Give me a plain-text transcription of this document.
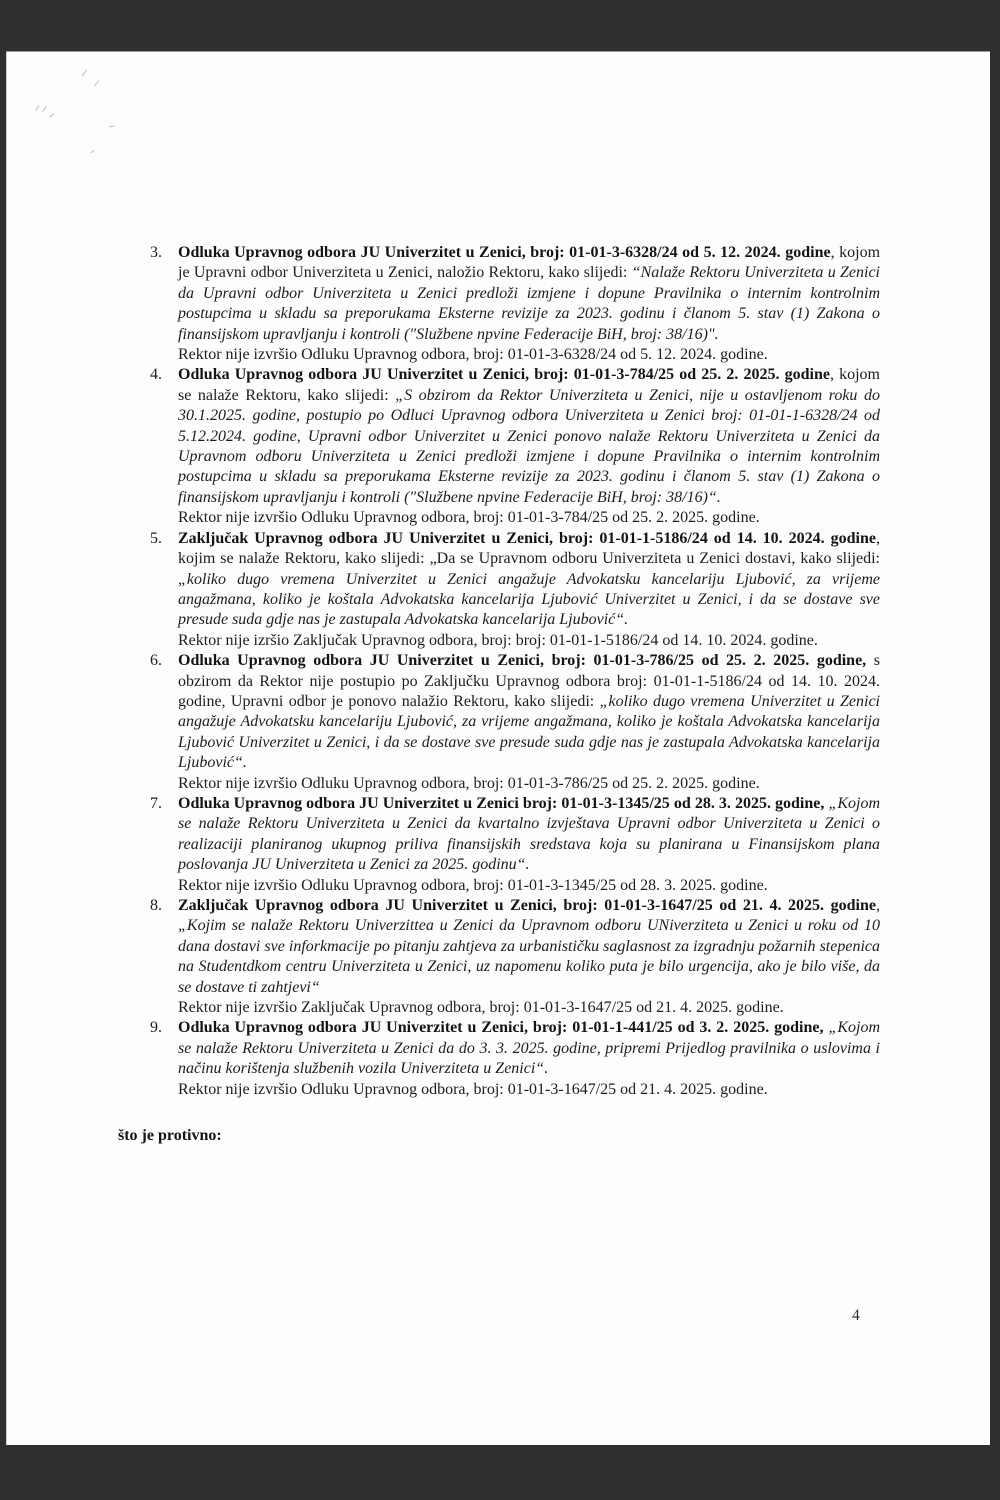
3.	Odluka Upravnog odbora JU Univerzitet u Zenici, broj: 01-01-3-6328/24 od 5. 12. 2024. godine, kojom je Upravni odbor Univerziteta u Zenici, naložio Rektoru, kako slijedi: “Nalaže Rektoru Univerziteta u Zenici da Upravni odbor Univerziteta u Zenici predloži izmjene i dopune Pravilnika o internim kontrolnim postupcima u skladu sa preporukama Eksterne revizije za 2023. godinu i članom 5. stav (1) Zakona o finansijskom upravljanju i kontroli ("Službene npvine Federacije BiH, broj: 38/16)".

Rektor nije izvršio Odluku Upravnog odbora, broj: 01-01-3-6328/24 od 5. 12. 2024. godine.

4.	Odluka Upravnog odbora JU Univerzitet u Zenici, broj: 01-01-3-784/25 od 25. 2. 2025. godine, kojom se nalaže Rektoru, kako slijedi: „S obzirom da Rektor Univerziteta u Zenici, nije u ostavljenom roku do 30.1.2025. godine, postupio po Odluci Upravnog odbora Univerziteta u Zenici broj: 01-01-1-6328/24 od 5.12.2024. godine, Upravni odbor Univerzitet u Zenici ponovo nalaže Rektoru Univerziteta u Zenici da Upravnom odboru Univerziteta u Zenici predloži izmjene i dopune Pravilnika o internim kontrolnim postupcima u skladu sa preporukama Eksterne revizije za 2023. godinu i članom 5. stav (1) Zakona o finansijskom upravljanju i kontroli ("Službene npvine Federacije BiH, broj: 38/16)“.

Rektor nije izvršio Odluku Upravnog odbora, broj: 01-01-3-784/25 od 25. 2. 2025. godine.

5.	Zaključak Upravnog odbora JU Univerzitet u Zenici, broj: 01-01-1-5186/24 od 14. 10. 2024. godine, kojim se nalaže Rektoru, kako slijedi: „Da se Upravnom odboru Univerziteta u Zenici dostavi, kako slijedi: „koliko dugo vremena Univerzitet u Zenici angažuje Advokatsku kancelariju Ljubović, za vrijeme angažmana, koliko je koštala Advokatska kancelarija Ljubović Univerzitet u Zenici, i da se dostave sve presude suda gdje nas je zastupala Advokatska kancelarija Ljubović“.

Rektor nije izršio Zaključak Upravnog odbora, broj: broj: 01-01-1-5186/24 od 14. 10. 2024. godine.

6.	Odluka Upravnog odbora JU Univerzitet u Zenici, broj: 01-01-3-786/25 od 25. 2. 2025. godine, s obzirom da Rektor nije postupio po Zaključku Upravnog odbora broj: 01-01-1-5186/24 od 14. 10. 2024. godine, Upravni odbor je ponovo nalažio Rektoru, kako slijedi: „koliko dugo vremena Univerzitet u Zenici angažuje Advokatsku kancelariju Ljubović, za vrijeme angažmana, koliko je koštala Advokatska kancelarija Ljubović Univerzitet u Zenici, i da se dostave sve presude suda gdje nas je zastupala Advokatska kancelarija Ljubović“.

Rektor nije izvršio Odluku Upravnog odbora, broj: 01-01-3-786/25 od 25. 2. 2025. godine.

7.	Odluka Upravnog odbora JU Univerzitet u Zenici broj: 01-01-3-1345/25 od 28. 3. 2025. godine, „Kojom se nalaže Rektoru Univerziteta u Zenici da kvartalno izvještava Upravni odbor Univerziteta u Zenici o realizaciji planiranog ukupnog priliva finansijskih sredstava koja su planirana u Finansijskom plana poslovanja JU Univerziteta u Zenici za 2025. godinu“.

Rektor nije izvršio Odluku Upravnog odbora, broj: 01-01-3-1345/25 od 28. 3. 2025. godine.

8.	Zaključak Upravnog odbora JU Univerzitet u Zenici, broj: 01-01-3-1647/25 od 21. 4. 2025. godine, „Kojim se nalaže Rektoru Univerzittea u Zenici da Upravnom odboru UNiverziteta u Zenici u roku od 10 dana dostavi sve inforkmacije po pitanju zahtjeva za urbanističku saglasnost za izgradnju požarnih stepenica na Studentdkom centru Univerziteta u Zenici, uz napomenu koliko puta je bilo urgencija, ako je bilo više, da se dostave ti zahtjevi“

Rektor nije izvršio Zaključak Upravnog odbora, broj: 01-01-3-1647/25 od 21. 4. 2025. godine.

9.	Odluka Upravnog odbora JU Univerzitet u Zenici, broj: 01-01-1-441/25 od 3. 2. 2025. godine, „Kojom se nalaže Rektoru Univerziteta u Zenici da do 3. 3. 2025. godine, pripremi Prijedlog pravilnika o uslovima i načinu korištenja službenih vozila Univerziteta u Zenici“.

Rektor nije izvršio Odluku Upravnog odbora, broj: 01-01-3-1647/25 od 21. 4. 2025. godine.

što je protivno:
4
